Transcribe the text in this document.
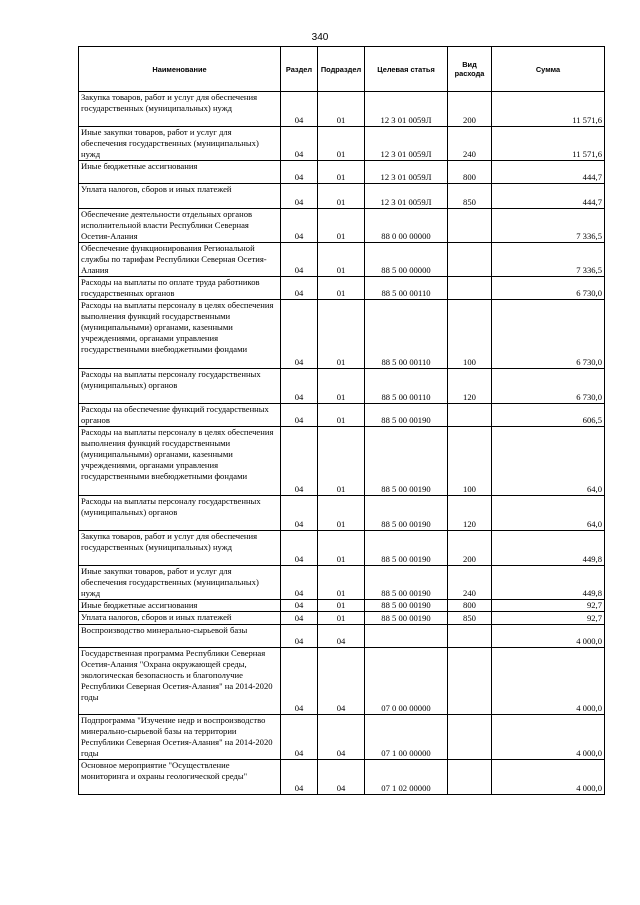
340
Наименование	Раздел	Подраздел	Целевая статья	Вид расхода	Сумма
Закупка товаров, работ и услуг для обеспечения государственных (муниципальных) нужд	04	01	12 3 01 0059Л	200	11 571,6
Иные закупки товаров, работ и услуг для обеспечения государственных (муниципальных) нужд	04	01	12 3 01 0059Л	240	11 571,6
Иные бюджетные ассигнования	04	01	12 3 01 0059Л	800	444,7
Уплата налогов, сборов и иных платежей	04	01	12 3 01 0059Л	850	444,7
Обеспечение деятельности отдельных органов исполнительной власти Республики Северная Осетия-Алания	04	01	88 0 00 00000		7 336,5
Обеспечение функционирования Региональной службы по тарифам Республики Северная Осетия-Алания	04	01	88 5 00 00000		7 336,5
Расходы на выплаты по оплате труда работников государственных органов	04	01	88 5 00 00110		6 730,0
Расходы на выплаты персоналу в целях обеспечения выполнения функций государственными (муниципальными) органами, казенными учреждениями, органами управления государственными внебюджетными фондами	04	01	88 5 00 00110	100	6 730,0
Расходы на выплаты персоналу государственных (муниципальных) органов	04	01	88 5 00 00110	120	6 730,0
Расходы на обеспечение функций государственных органов	04	01	88 5 00 00190		606,5
Расходы на выплаты персоналу в целях обеспечения выполнения функций государственными (муниципальными) органами, казенными учреждениями, органами управления государственными внебюджетными фондами	04	01	88 5 00 00190	100	64,0
Расходы на выплаты персоналу государственных (муниципальных) органов	04	01	88 5 00 00190	120	64,0
Закупка товаров, работ и услуг для обеспечения государственных (муниципальных) нужд	04	01	88 5 00 00190	200	449,8
Иные закупки товаров, работ и услуг для обеспечения государственных (муниципальных) нужд	04	01	88 5 00 00190	240	449,8
Иные бюджетные ассигнования	04	01	88 5 00 00190	800	92,7
Уплата налогов, сборов и иных платежей	04	01	88 5 00 00190	850	92,7
Воспроизводство минерально-сырьевой базы	04	04			4 000,0
Государственная программа Республики Северная Осетия-Алания "Охрана окружающей среды, экологическая безопасность и благополучие Республики Северная Осетия-Алания" на 2014-2020 годы	04	04	07 0 00 00000		4 000,0
Подпрограмма "Изучение недр и воспроизводство минерально-сырьевой базы на территории Республики Северная Осетия-Алания" на 2014-2020 годы	04	04	07 1 00 00000		4 000,0
Основное мероприятие "Осуществление мониторинга и охраны геологической среды"	04	04	07 1 02 00000		4 000,0
